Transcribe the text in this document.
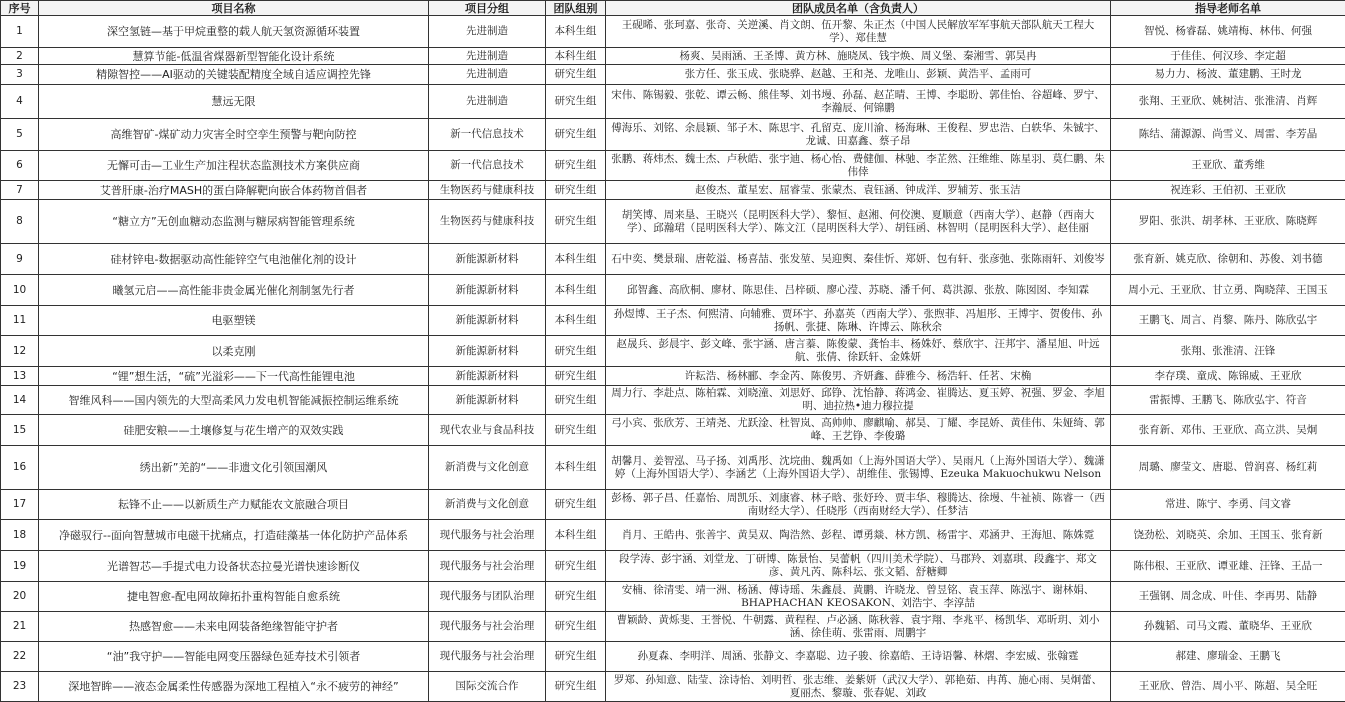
序号	项目名称	项目分组	团队组别	团队成员名单（含负责人）	指导老师名单
1	深空氢链—基于甲烷重整的载人航天氢资源循环装置	先进制造	本科生组	王砚晞、张珂嘉、张奇、关逆溪、肖文朗、伍开黎、朱正杰（中国人民解放军军事航天部队航天工程大学）、郑佳慧	智悦、杨睿磊、姚靖梅、林伟、何强
2	慧算节能-低温省煤器新型智能化设计系统	先进制造	本科生组	杨爽、吴雨涵、王圣博、黄方林、施晓凤、钱宇焕、周义堡、秦湘雪、郭昊冉	于佳佳、何汉珍、李定超
3	精隙智控——AI驱动的关键装配精度全域自适应调控先锋	先进制造	研究生组	张方任、张玉成、张晓骅、赵越、王和尧、龙唯山、彭颖、黄浩平、孟雨可	易力力、杨波、董建鹏、王时龙
4	慧远无限	先进制造	研究生组	宋伟、陈锡毅、张乾、谭云畅、熊佳琴、刘书墁、孙磊、赵芷晴、王博、李聪盼、郭佳怡、谷超峰、罗宁、李瀚辰、何锦鹏	张翔、王亚欣、姚树洁、张淮清、肖辉
5	高维智矿-煤矿动力灾害全时空孪生预警与靶向防控	新一代信息技术	研究生组	傅海乐、刘铭、余晨颖、邹子木、陈思宇、孔留克、庞川渝、杨海琳、王俊程、罗忠浩、白轶华、朱铖宇、龙诚、田嘉鑫、蔡子昂	陈结、蒲源源、尚雪义、周雷、李芳晶
6	无懈可击—工业生产加注程状态监测技术方案供应商	新一代信息技术	研究生组	张鹏、蒋炜杰、魏士杰、卢秋皓、张宇迪、杨心怡、费健伽、林驰、李芷然、汪维维、陈星羽、莫仁鹏、朱伟倖	王亚欣、董秀维
7	艾普肝康-治疗MASH的蛋白降解靶向嵌合体药物首倡者	生物医药与健康科技	研究生组	赵俊杰、董星宏、屈睿莹、张蒙杰、袁钰涵、钟成洋、罗辅芳、张玉洁	祝连彩、王伯初、王亚欣
8	“糖立方”无创血糖动态监测与糖尿病智能管理系统	生物医药与健康科技	研究生组	胡笑博、周来垦、王晓兴（昆明医科大学）、黎恒、赵湘、何佼澳、夏顺意（西南大学）、赵静（西南大学）、邱瀚珺（昆明医科大学）、陈文江（昆明医科大学）、胡钰函、林智明（昆明医科大学）、赵佳丽	罗阳、张洪、胡孝林、王亚欣、陈晓辉
9	硅材锌电-数据驱动高性能锌空气电池催化剂的设计	新能源新材料	本科生组	石中奕、樊景瑞、唐乾溢、杨喜喆、张发堃、吴迎舆、秦佳忻、郑妍、包有轩、张彦弛、张陈雨轩、刘俊岑	张育新、姚克欣、徐朝和、苏俊、刘书德
10	曦氢元启——高性能非贵金属光催化剂制氢先行者	新能源新材料	本科生组	邱智鑫、高欣桐、廖材、陈思佳、吕梓硕、廖心滢、苏晓、潘千何、葛洪源、张敖、陈囡囡、李知霖	周小元、王亚欣、甘立勇、陶晓萍、王国玉
11	电驱塑镁	新能源新材料	本科生组	孙煜博、王子杰、何熙清、向辅雅、贾环宇、孙嘉英（西南大学）、张煦菲、冯旭彤、王博宇、贺俊伟、孙扬帆、张捷、陈琳、许博云、陈秋余	王鹏飞、周言、肖黎、陈丹、陈欣弘宇
12	以柔克刚	新能源新材料	研究生组	赵晟兵、彭晨宇、彭文峰、张宇涵、唐言蓁、陈俊蒙、龚怡丰、杨姝妤、蔡欣宇、汪邦宇、潘星旭、叶远航、张倩、徐跃轩、金姝妍	张翔、张淮清、汪锋
13	“锂”想生活，“硫”光溢彩——下一代高性能锂电池	新能源新材料	研究生组	许耘浩、杨林郦、李金芮、陈俊男、齐妍鑫、薛雅今、杨浩轩、任茗、宋桷	李存璞、童成、陈锦威、王亚欣
14	智维风科——国内领先的大型高柔风力发电机智能减振控制运维系统	新能源新材料	研究生组	周力行、李赴点、陈柏霖、刘晓潼、刘思妤、邱铮、沈怡静、蒋鸿金、崔腾达、夏玉婷、祝强、罗金、李旭明、迪拉热•迪力穆拉提	雷振博、王鹏飞、陈欣弘宇、符音
15	硅肥安粮——土壤修复与花生增产的双效实践	现代农业与食品科技	研究生组	弓小宾、张欣芳、王靖尧、尤跃淦、杜智岚、高帅帅、廖麒喻、郝昊、丁耀、李昆娇、黄佳伟、朱娅绮、郭峰、王艺铮、李俊璐	张育新、邓伟、王亚欣、高立洪、吴炯
16	绣出新”羌韵“——非遗文化引领国潮风	新消费与文化创意	本科生组	胡馨月、姜智泓、马子扬、刘禹彤、沈垸曲、魏禹如（上海外国语大学）、吴雨凡（上海外国语大学）、魏潇婷（上海外国语大学）、李涵艺（上海外国语大学）、胡维佳、张锡博、Ezeuka Makuochukwu Nelson	周璐、廖莹文、唐聪、曾润喜、杨红莉
17	耘锋不止——以新质生产力赋能农文旅融合项目	新消费与文化创意	研究生组	彭杨、郭子昌、任嘉怡、周凯乐、刘康睿、林子晗、张妤玲、贾丰华、穆腾达、徐墁、牛祉祯、陈睿一（西南财经大学）、任晓彤（西南财经大学）、任梦洁	常进、陈宁、李勇、闫文睿
18	净磁驭行--面向智慧城市电磁干扰痛点，打造硅藻基一体化防护产品体系	现代服务与社会治理	本科生组	肖月、王皓冉、张善宇、黄昊双、陶浩然、彭程、谭勇燚、林方凯、杨雷宇、邓涵尹、王海旭、陈姝霓	饶劲松、刘晓英、余加、王国玉、张育新
19	光谱智芯—手提式电力设备状态拉曼光谱快速诊断仪	现代服务与社会治理	研究生组	段学涛、彭宇涵、刘堂龙、丁研博、陈景怡、吴蕾帆（四川美术学院）、马郡羚、刘嘉琪、段鑫宇、郑文彦、黄凡芮、陈科坛、张文韬、舒糖卿	陈伟根、王亚欣、谭亚雄、汪锋、王品一
20	捷电智愈-配电网故障拓扑重构智能自愈系统	现代服务与团队治理	研究生组	安楠、徐清雯、靖一洲、杨涵、傅诗瑶、朱鑫晨、黄鹏、许晓龙、曾昱铭、袁玉萍、陈泓宇、谢林娟、BHAPHACHAN KEOSAKON、刘浩宇、李淳喆	王强钢、周念成、叶佳、李再男、陆静
21	热感智愈——未来电网装备绝缘智能守护者	现代服务与社会治理	研究生组	曹颖龄、黄烁斐、王誉悦、牛朝露、黄程程、卢必涵、陈秋蓉、袁宇翔、李兆平、杨凯华、邓昕玥、刘小涵、徐佳萌、张雷雨、周鹏宇	孙魏韬、司马文霞、董晓华、王亚欣
22	“油”我守护——智能电网变压器绿色延寿技术引领者	现代服务与社会治理	研究生组	孙夏森、李明洋、周涵、张静文、李嘉聪、边子骏、徐嘉皓、王诗语馨、林熠、李宏威、张翰霆	郝建、廖瑞金、王鹏飞
23	深地智眸——液态金属柔性传感器为深地工程植入“永不疲劳的神经”	国际交流合作	研究生组	罗郑、孙知意、陆莹、涂诗怡、刘明哲、张志维、姜紫妍（武汉大学）、郭艳茹、冉苒、施心雨、吴炯蕾、夏丽杰、黎璇、张春妮、刘政	王亚欣、曾浩、周小平、陈超、吴全旺
